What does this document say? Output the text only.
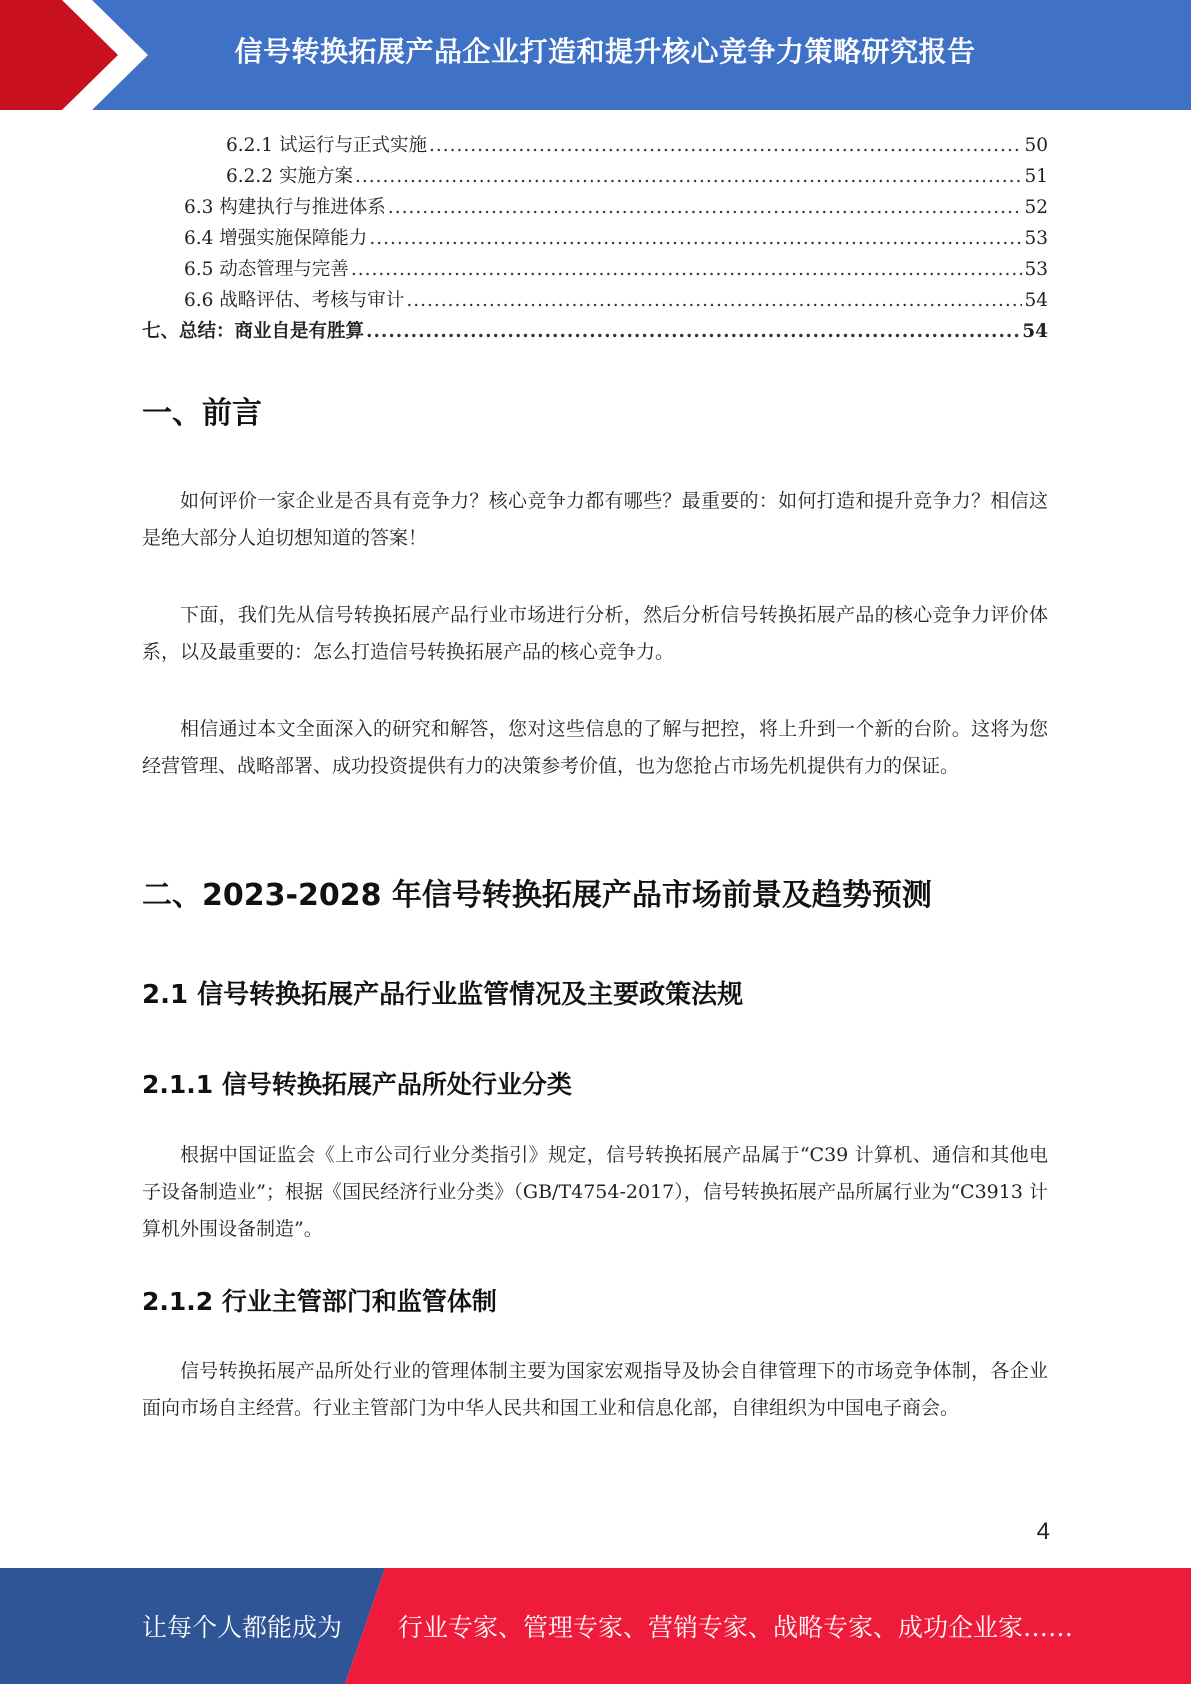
信号转换拓展产品企业打造和提升核心竞争力策略研究报告
6.2.1 试运行与正式实施 .....	50
6.2.2 实施方案 .....	51
6.3 构建执行与推进体系 .....	52
6.4 增强实施保障能力 .....	53
6.5 动态管理与完善 .....	53
6.6 战略评估、考核与审计 .....	54
七、总结：商业自是有胜算 .....	54
一、前言

如何评价一家企业是否具有竞争力？核心竞争力都有哪些？最重要的：如何打造和提升竞争力？相信这是绝大部分人迫切想知道的答案！

下面，我们先从信号转换拓展产品行业市场进行分析，然后分析信号转换拓展产品的核心竞争力评价体系，以及最重要的：怎么打造信号转换拓展产品的核心竞争力。

相信通过本文全面深入的研究和解答，您对这些信息的了解与把控，将上升到一个新的台阶。这将为您经营管理、战略部署、成功投资提供有力的决策参考价值，也为您抢占市场先机提供有力的保证。

二、2023-2028 年信号转换拓展产品市场前景及趋势预测
2.1 信号转换拓展产品行业监管情况及主要政策法规
2.1.1 信号转换拓展产品所处行业分类

根据中国证监会《上市公司行业分类指引》规定，信号转换拓展产品属于“C39 计算机、通信和其他电子设备制造业”；根据《国民经济行业分类》（GB/T4754-2017），信号转换拓展产品所属行业为“C3913 计算机外围设备制造”。

2.1.2 行业主管部门和监管体制

信号转换拓展产品所处行业的管理体制主要为国家宏观指导及协会自律管理下的市场竞争体制，各企业面向市场自主经营。行业主管部门为中华人民共和国工业和信息化部，自律组织为中国电子商会。

4
让每个人都能成为 行业专家、管理专家、营销专家、战略专家、成功企业家……
